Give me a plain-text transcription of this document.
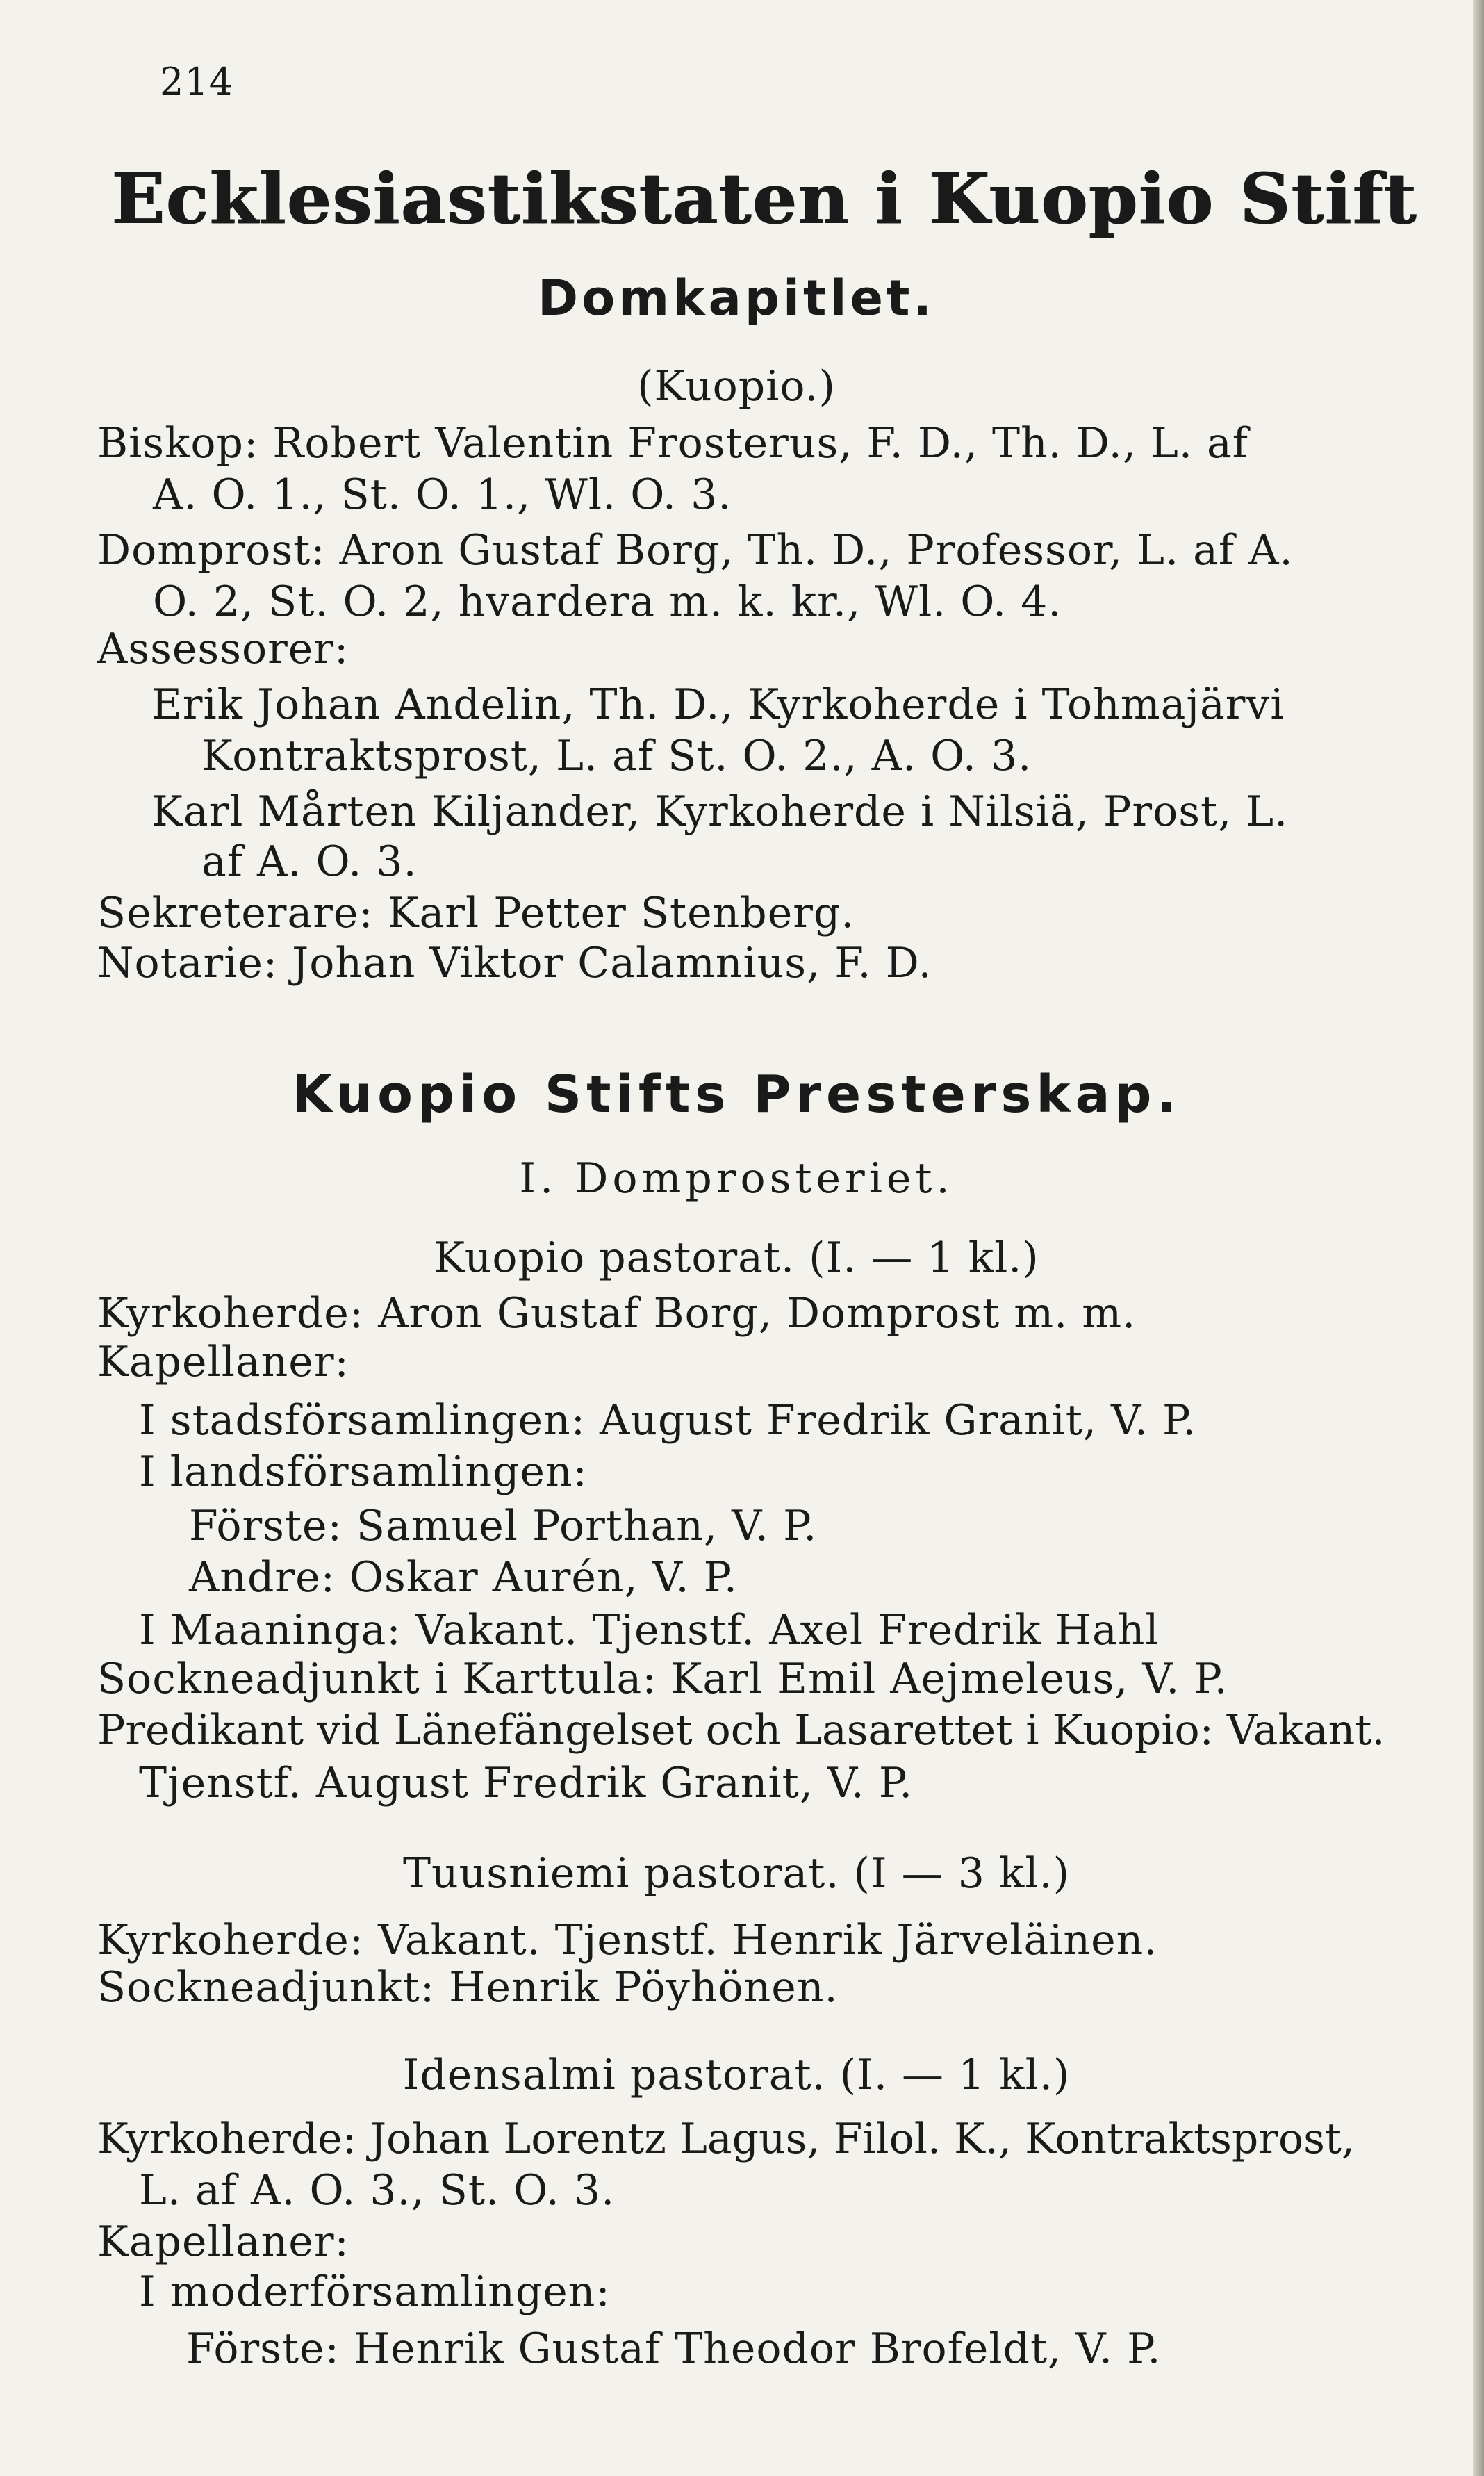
214
Ecklesiastikstaten i Kuopio Stift
Domkapitlet.
(Kuopio.)
Biskop: Robert Valentin Frosterus, F. D., Th. D., L. af
A. O. 1., St. O. 1., Wl. O. 3.
Domprost: Aron Gustaf Borg, Th. D., Professor, L. af A.
O. 2, St. O. 2, hvardera m. k. kr., Wl. O. 4.
Assessorer:
Erik Johan Andelin, Th. D., Kyrkoherde i Tohmajärvi
Kontraktsprost, L. af St. O. 2., A. O. 3.
Karl Mårten Kiljander, Kyrkoherde i Nilsiä, Prost, L.
af A. O. 3.
Sekreterare: Karl Petter Stenberg.
Notarie: Johan Viktor Calamnius, F. D.
Kuopio Stifts Presterskap.
I. Domprosteriet.
Kuopio pastorat. (I. — 1 kl.)
Kyrkoherde: Aron Gustaf Borg, Domprost m. m.
Kapellaner:
I stadsförsamlingen: August Fredrik Granit, V. P.
I landsförsamlingen:
Förste: Samuel Porthan, V. P.
Andre: Oskar Aurén, V. P.
I Maaninga: Vakant. Tjenstf. Axel Fredrik Hahl
Sockneadjunkt i Karttula: Karl Emil Aejmeleus, V. P.
Predikant vid Länefängelset och Lasarettet i Kuopio: Vakant.
Tjenstf. August Fredrik Granit, V. P.
Tuusniemi pastorat. (I — 3 kl.)
Kyrkoherde: Vakant. Tjenstf. Henrik Järveläinen.
Sockneadjunkt: Henrik Pöyhönen.
Idensalmi pastorat. (I. — 1 kl.)
Kyrkoherde: Johan Lorentz Lagus, Filol. K., Kontraktsprost,
L. af A. O. 3., St. O. 3.
Kapellaner:
I moderförsamlingen:
Förste: Henrik Gustaf Theodor Brofeldt, V. P.
